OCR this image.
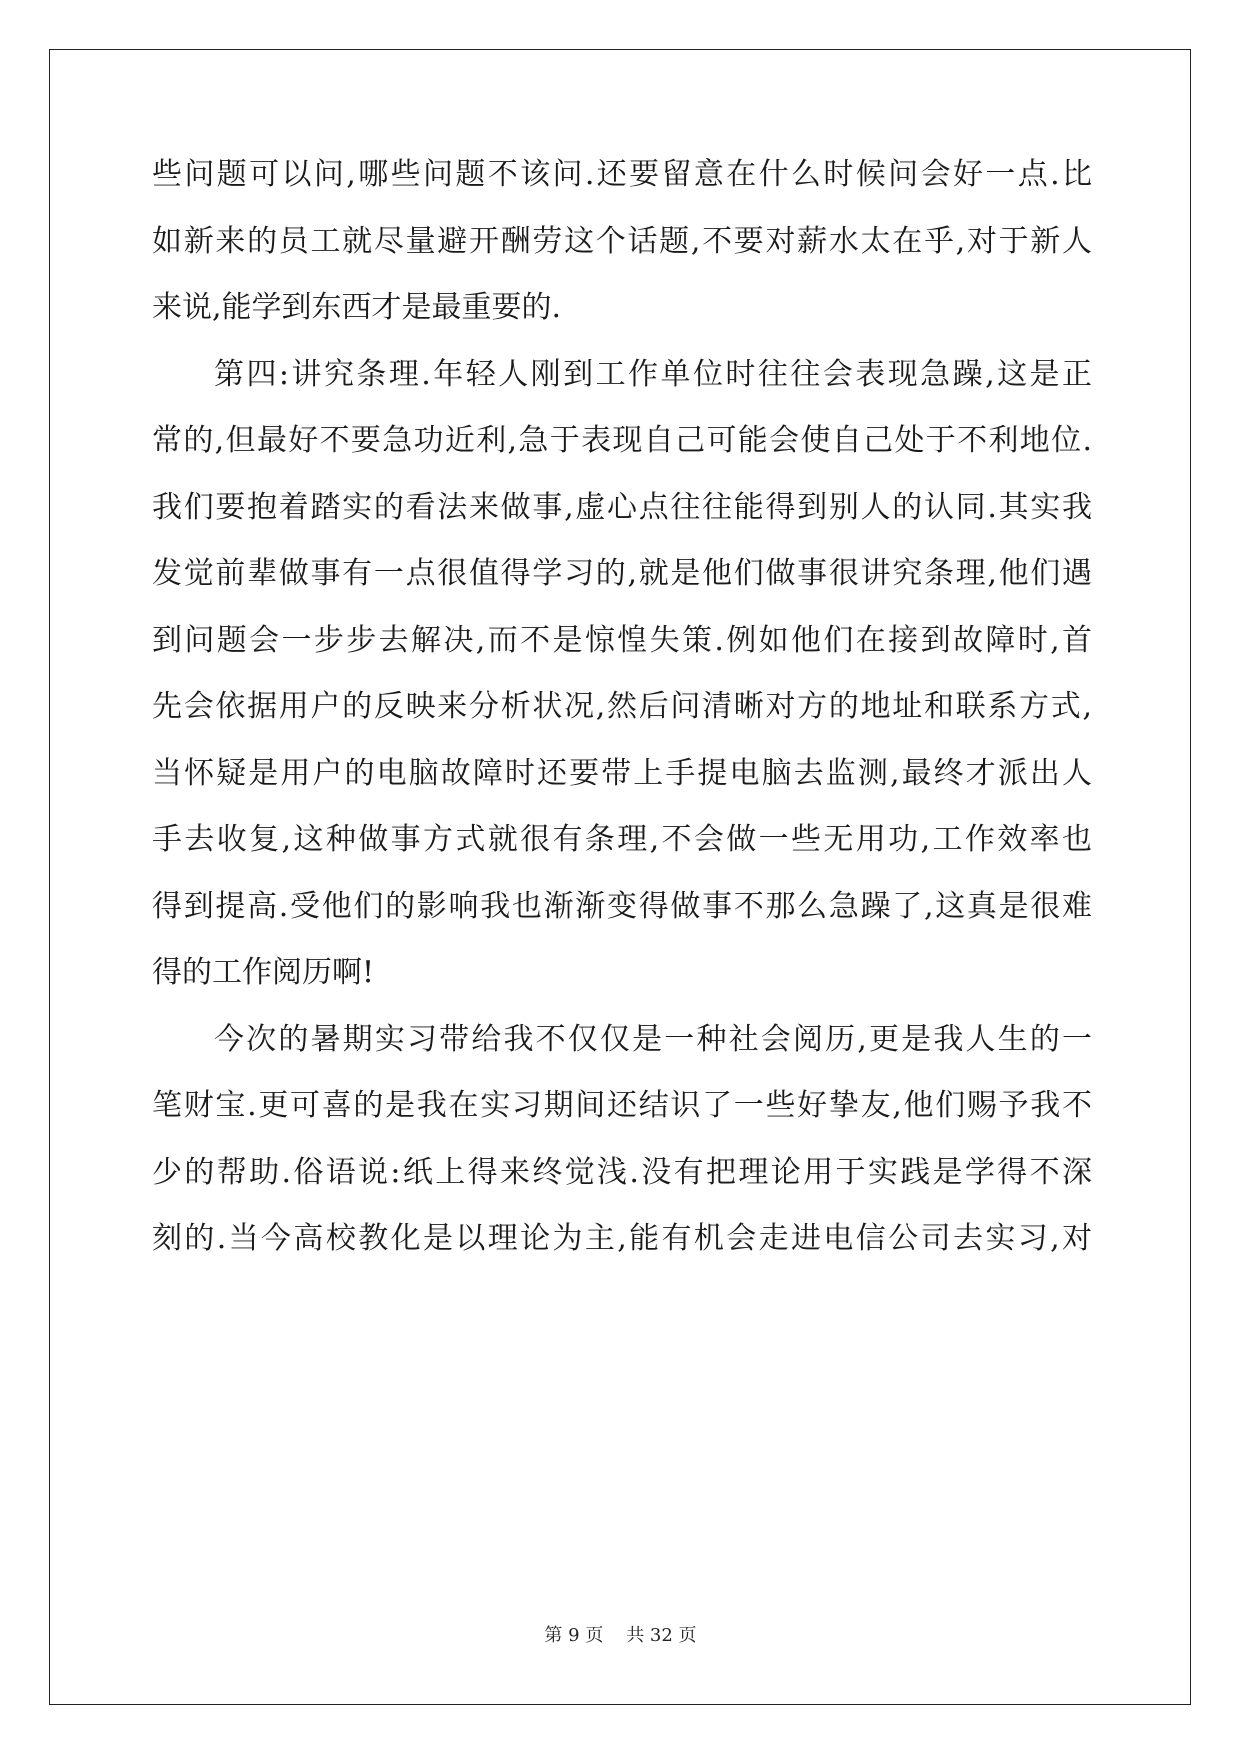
些问题可以问,哪些问题不该问.还要留意在什么时候问会好一点.比
如新来的员工就尽量避开酬劳这个话题,不要对薪水太在乎,对于新人
来说,能学到东西才是最重要的.
第四:讲究条理.年轻人刚到工作单位时往往会表现急躁,这是正
常的,但最好不要急功近利,急于表现自己可能会使自己处于不利地位.
我们要抱着踏实的看法来做事,虚心点往往能得到别人的认同.其实我
发觉前辈做事有一点很值得学习的,就是他们做事很讲究条理,他们遇
到问题会一步步去解决,而不是惊惶失策.例如他们在接到故障时,首
先会依据用户的反映来分析状况,然后问清晰对方的地址和联系方式,
当怀疑是用户的电脑故障时还要带上手提电脑去监测,最终才派出人
手去收复,这种做事方式就很有条理,不会做一些无用功,工作效率也
得到提高.受他们的影响我也渐渐变得做事不那么急躁了,这真是很难
得的工作阅历啊!
今次的暑期实习带给我不仅仅是一种社会阅历,更是我人生的一
笔财宝.更可喜的是我在实习期间还结识了一些好挚友,他们赐予我不
少的帮助.俗语说:纸上得来终觉浅.没有把理论用于实践是学得不深
刻的.当今高校教化是以理论为主,能有机会走进电信公司去实习,对
第 9 页    共 32 页
